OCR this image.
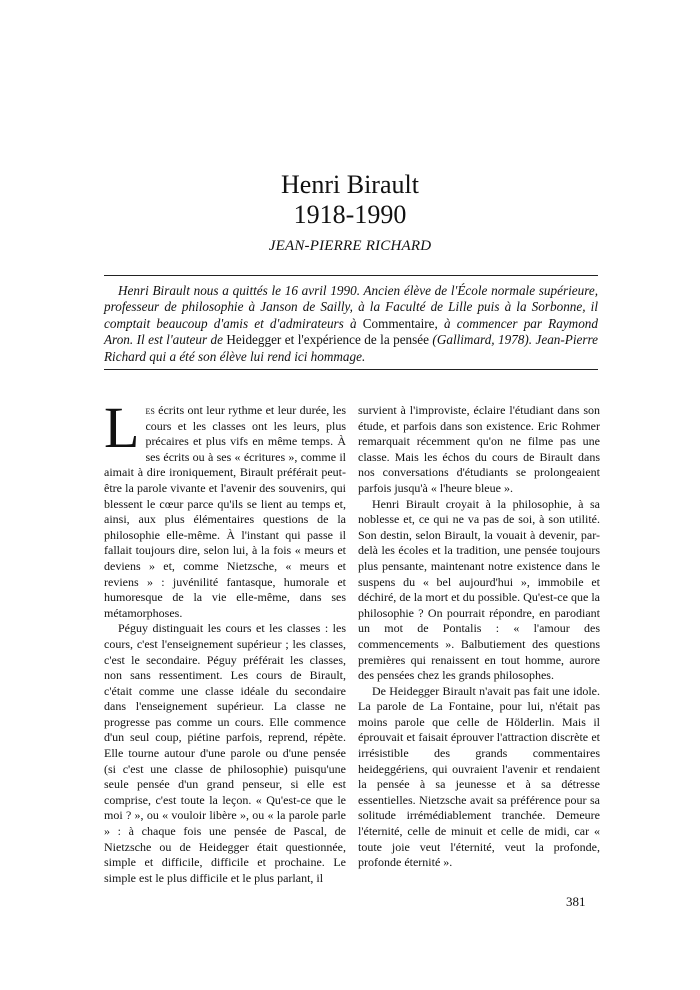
Henri Birault
1918-1990
JEAN-PIERRE RICHARD

Henri Birault nous a quittés le 16 avril 1990. Ancien élève de l'École normale supérieure, professeur de philosophie à Janson de Sailly, à la Faculté de Lille puis à la Sorbonne, il comptait beaucoup d'amis et d'admirateurs à Commentaire, à commencer par Raymond Aron. Il est l'auteur de Heidegger et l'expérience de la pensée (Gallimard, 1978). Jean-Pierre Richard qui a été son élève lui rend ici hommage.

Les écrits ont leur rythme et leur durée, les cours et les classes ont les leurs, plus précaires et plus vifs en même temps. À ses écrits ou à ses « écritures », comme il aimait à dire ironiquement, Birault préférait peut-être la parole vivante et l'avenir des souvenirs, qui blessent le cœur parce qu'ils se lient au temps et, ainsi, aux plus élémentaires questions de la philosophie elle-même. À l'instant qui passe il fallait toujours dire, selon lui, à la fois « meurs et deviens » et, comme Nietzsche, « meurs et reviens » : juvénilité fantasque, humorale et humoresque de la vie elle-même, dans ses métamorphoses.

Péguy distinguait les cours et les classes : les cours, c'est l'enseignement supérieur ; les classes, c'est le secondaire. Péguy préférait les classes, non sans ressentiment. Les cours de Birault, c'était comme une classe idéale du secondaire dans l'enseignement supérieur. La classe ne progresse pas comme un cours. Elle commence d'un seul coup, piétine parfois, reprend, répète. Elle tourne autour d'une parole ou d'une pensée (si c'est une classe de philosophie) puisqu'une seule pensée d'un grand penseur, si elle est comprise, c'est toute la leçon. « Qu'est-ce que le moi ? », ou « vouloir libère », ou « la parole parle » : à chaque fois une pensée de Pascal, de Nietzsche ou de Heidegger était questionnée, simple et difficile, difficile et prochaine. Le simple est le plus difficile et le plus parlant, il

survient à l'improviste, éclaire l'étudiant dans son étude, et parfois dans son existence. Eric Rohmer remarquait récemment qu'on ne filme pas une classe. Mais les échos du cours de Birault dans nos conversations d'étudiants se prolongeaient parfois jusqu'à « l'heure bleue ».

Henri Birault croyait à la philosophie, à sa noblesse et, ce qui ne va pas de soi, à son utilité. Son destin, selon Birault, la vouait à devenir, par-delà les écoles et la tradition, une pensée toujours plus pensante, maintenant notre existence dans le suspens du « bel aujourd'hui », immobile et déchiré, de la mort et du possible. Qu'est-ce que la philosophie ? On pourrait répondre, en parodiant un mot de Pontalis : « l'amour des commencements ». Balbutiement des questions premières qui renaissent en tout homme, aurore des pensées chez les grands philosophes.

De Heidegger Birault n'avait pas fait une idole. La parole de La Fontaine, pour lui, n'était pas moins parole que celle de Hölderlin. Mais il éprouvait et faisait éprouver l'attraction discrète et irrésistible des grands commentaires heideggériens, qui ouvraient l'avenir et rendaient la pensée à sa jeunesse et à sa détresse essentielles. Nietzsche avait sa préférence pour sa solitude irrémédiablement tranchée. Demeure l'éternité, celle de minuit et celle de midi, car « toute joie veut l'éternité, veut la profonde, profonde éternité ».

381
